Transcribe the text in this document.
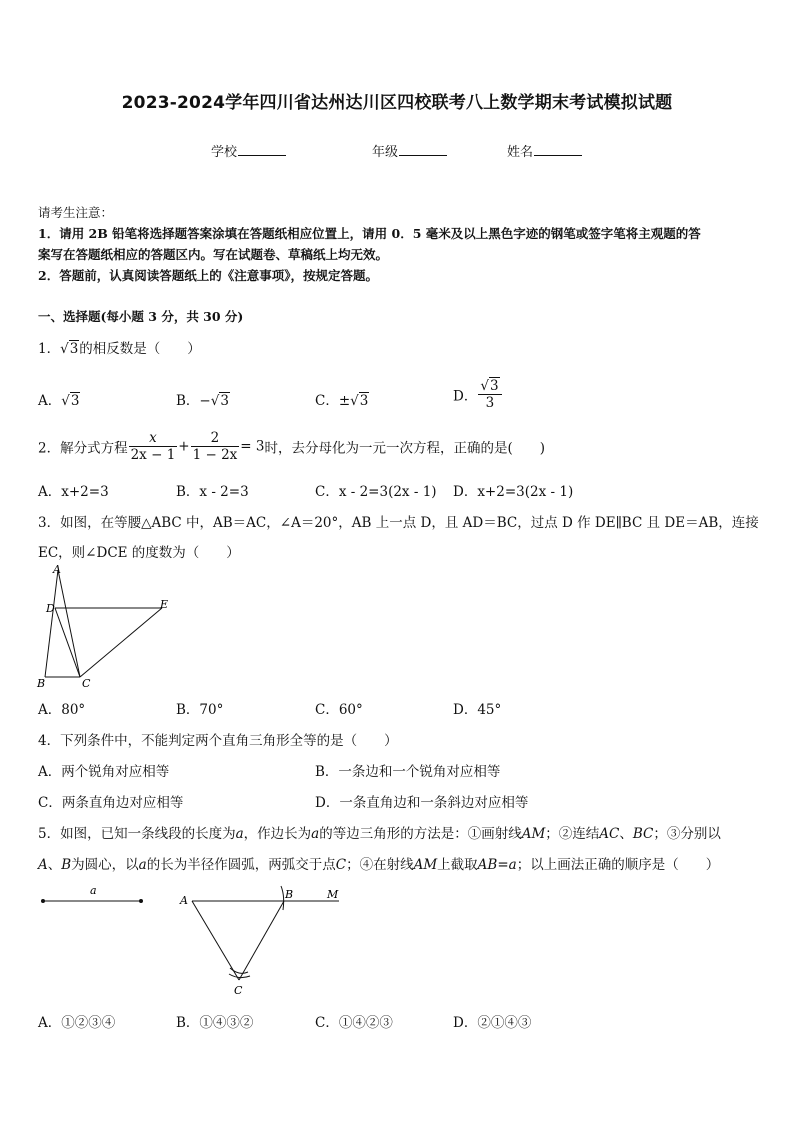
2023-2024学年四川省达州达川区四校联考八上数学期末考试模拟试题
学校	年级	姓名
请考生注意：
1．请用 2B 铅笔将选择题答案涂填在答题纸相应位置上，请用 0．5 毫米及以上黑色字迹的钢笔或签字笔将主观题的答
案写在答题纸相应的答题区内。写在试题卷、草稿纸上均无效。
2．答题前，认真阅读答题纸上的《注意事项》，按规定答题。
一、选择题(每小题 3 分，共 30 分)
1．√3的相反数是（　　）
A．√3	B．−√3	C．±√3	D． $\frac{√3}{3}$
2．解分式方程 $\frac{x}{2x - 1} + \frac{2}{1 - 2x} = 3$时，去分母化为一元一次方程，正确的是(　　)
A．x+2=3	B．x - 2=3	C．x - 2=3(2x - 1) D．x+2=3(2x - 1)
3．如图，在等腰△ABC 中，AB＝AC，∠A＝20°，AB 上一点 D，且 AD＝BC，过点 D 作 DE∥BC 且 DE＝AB，连接
EC，则∠DCE 的度数为（　　）
A
D	E
B	C
A．80°	B．70°	C．60°	D．45°
4．下列条件中，不能判定两个直角三角形全等的是（　　）
A．两个锐角对应相等	B．一条边和一个锐角对应相等
C．两条直角边对应相等	D．一条直角边和一条斜边对应相等
5．如图，已知一条线段的长度为a，作边长为a的等边三角形的方法是：①画射线AM；②连结AC、BC；③分别以
A、B为圆心，以a的长为半径作圆弧，两弧交于点C；④在射线AM上截取AB=a；以上画法正确的顺序是（　　）
a
A	B	M
C
A．①②③④	B．①④③②	C．①④②③	D．②①④③
